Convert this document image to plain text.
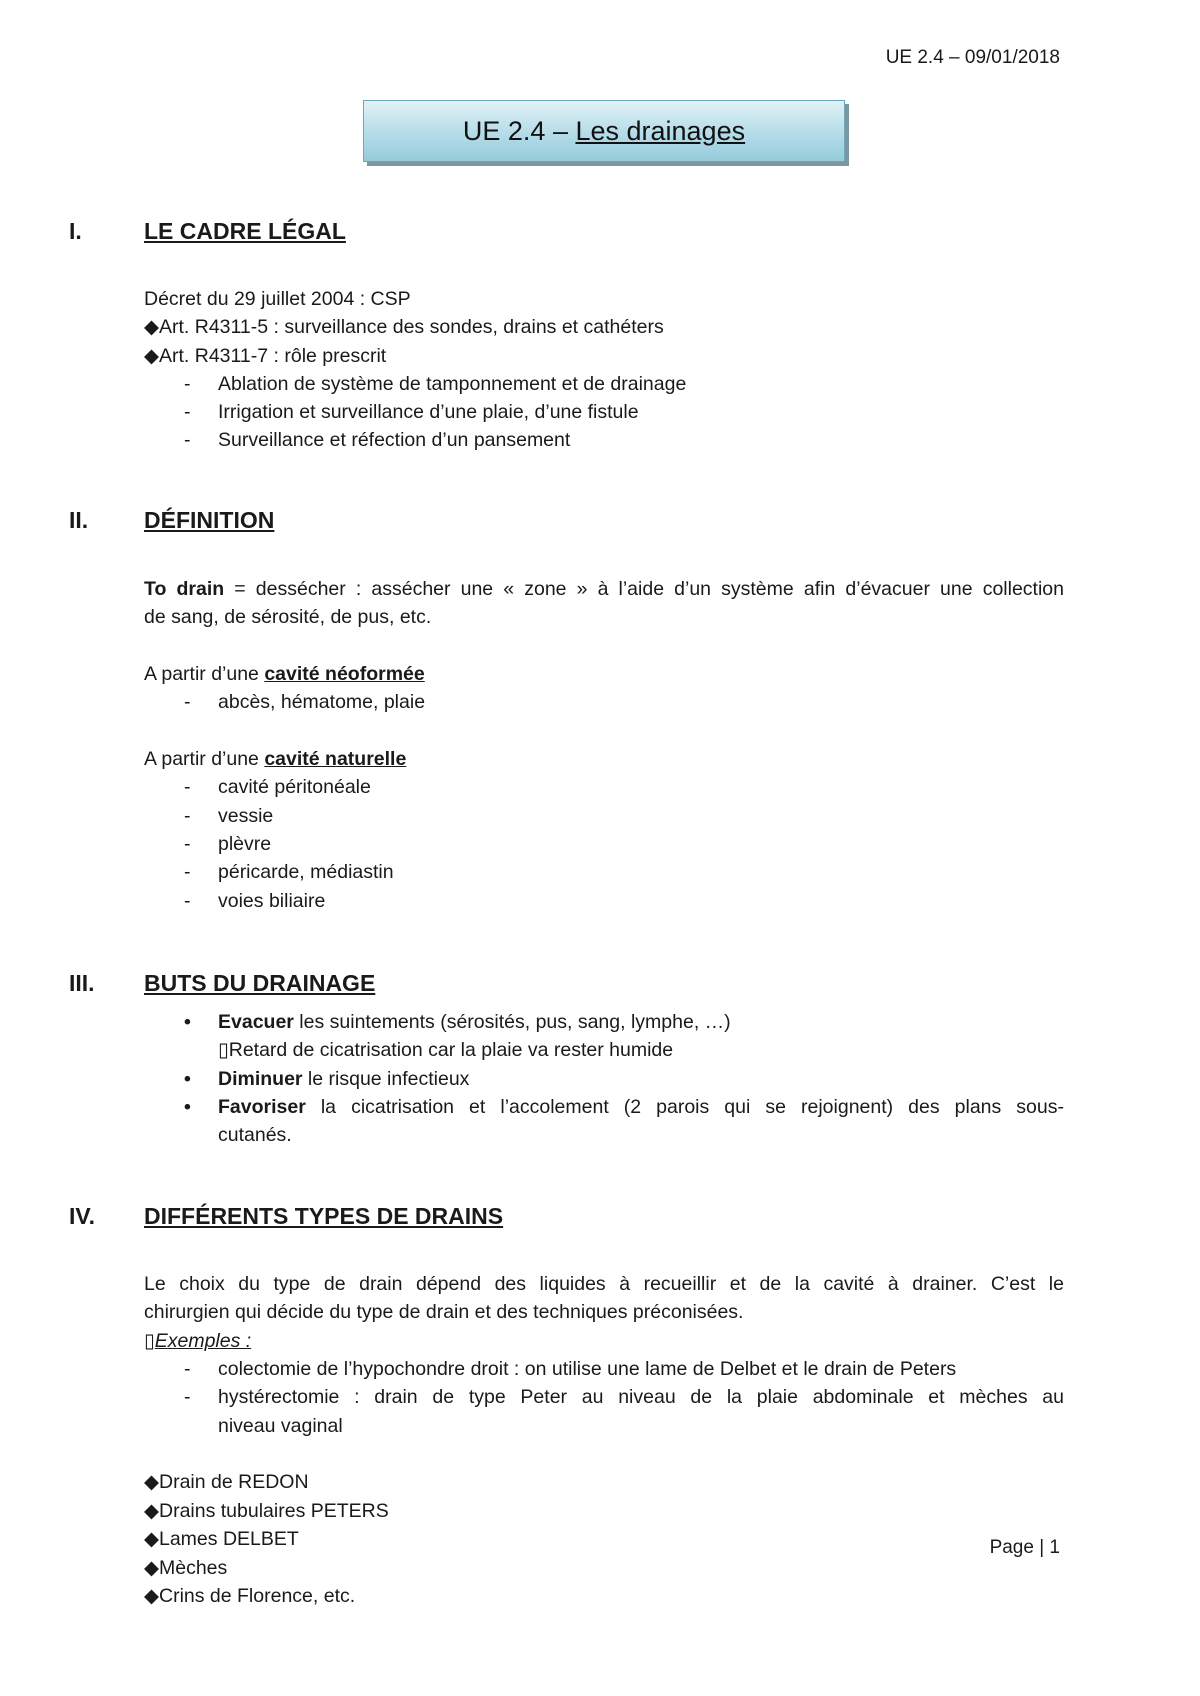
UE 2.4 – 09/01/2018
UE 2.4 – Les drainages
I.	LE CADRE LÉGAL
Décret du 29 juillet 2004 : CSP
◆Art. R4311-5 : surveillance des sondes, drains et cathéters
◆Art. R4311-7 : rôle prescrit
- Ablation de système de tamponnement et de drainage
- Irrigation et surveillance d’une plaie, d’une fistule
- Surveillance et réfection d’un pansement
II.	DÉFINITION
To drain = dessécher : assécher une « zone » à l’aide d’un système afin d’évacuer une collection
de sang, de sérosité, de pus, etc.
A partir d’une cavité néoformée
- abcès, hématome, plaie
A partir d’une cavité naturelle
- cavité péritonéale
- vessie
- plèvre
- péricarde, médiastin
- voies biliaire
III.	BUTS DU DRAINAGE
• Evacuer les suintements (sérosités, pus, sang, lymphe, …)
▯Retard de cicatrisation car la plaie va rester humide
• Diminuer le risque infectieux
• Favoriser la cicatrisation et l’accolement (2 parois qui se rejoignent) des plans sous-
cutanés.
IV.	DIFFÉRENTS TYPES DE DRAINS
Le choix du type de drain dépend des liquides à recueillir et de la cavité à drainer. C’est le
chirurgien qui décide du type de drain et des techniques préconisées.
▯Exemples :
- colectomie de l’hypochondre droit : on utilise une lame de Delbet et le drain de Peters
- hystérectomie : drain de type Peter au niveau de la plaie abdominale et mèches au
niveau vaginal
◆Drain de REDON
◆Drains tubulaires PETERS
◆Lames DELBET
◆Mèches
◆Crins de Florence, etc.
Page | 1
